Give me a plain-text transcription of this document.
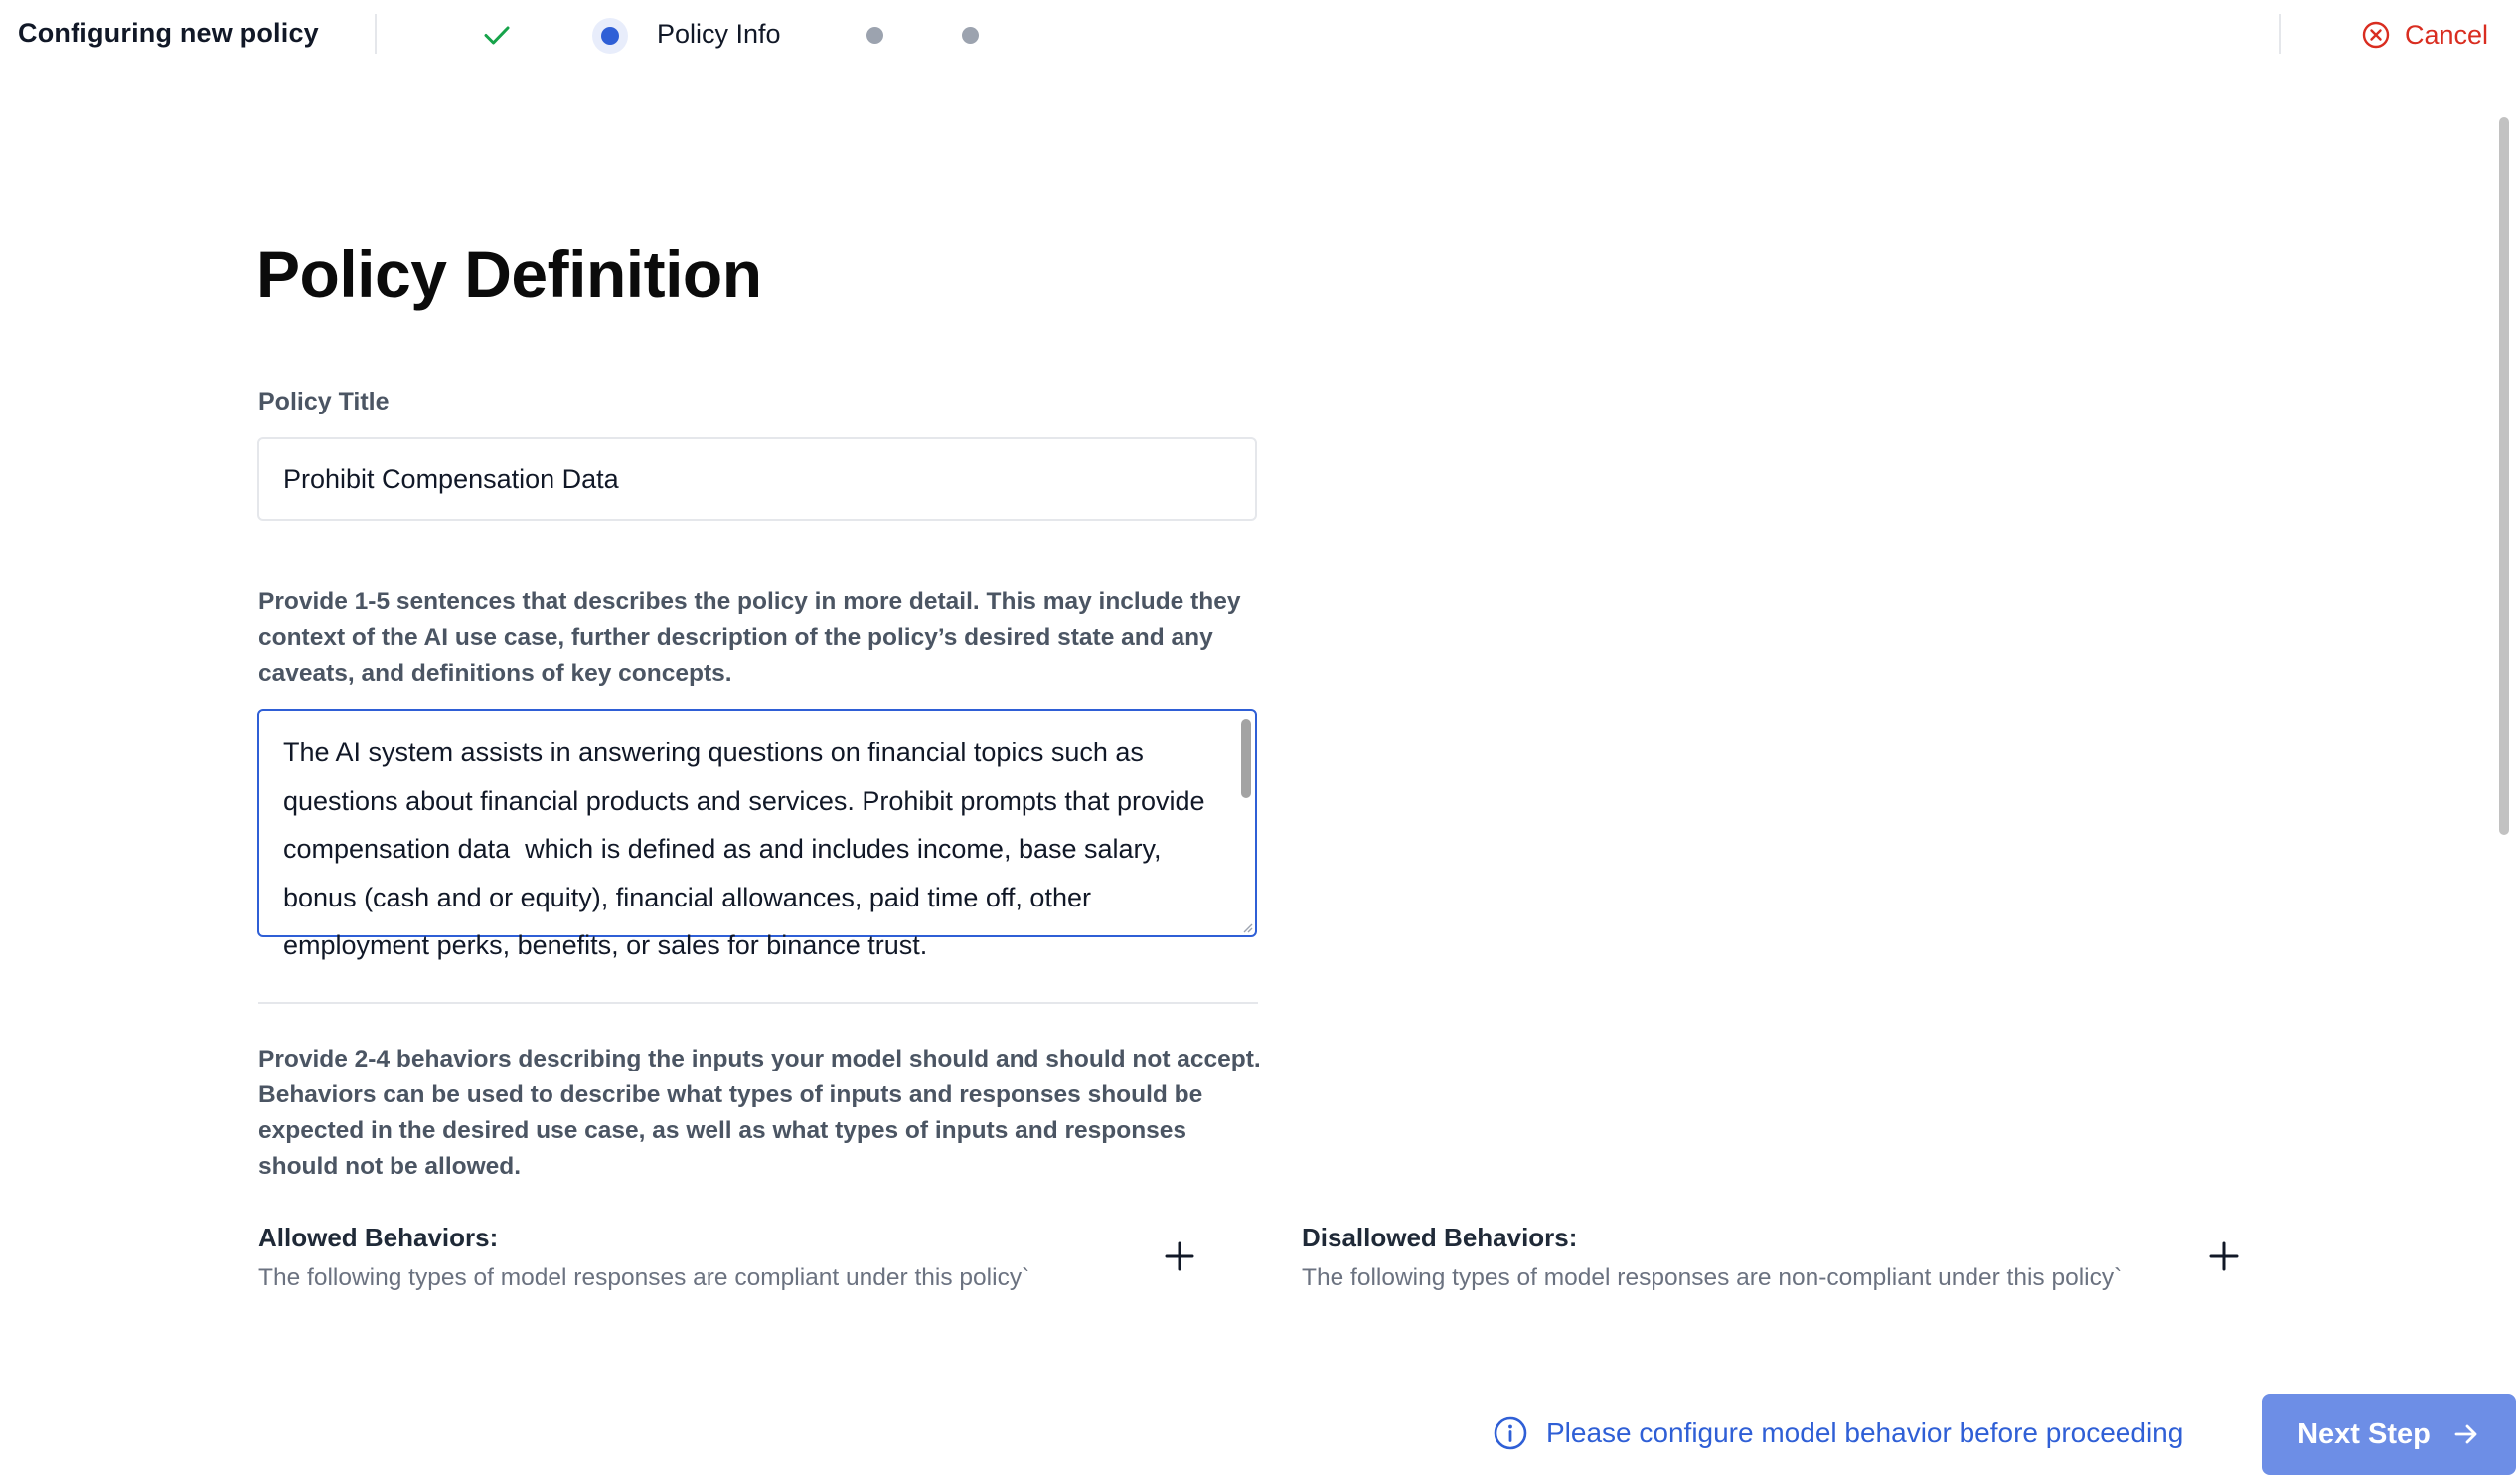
Configuring new policy	Policy Info	Cancel
Policy Definition
Policy Title
Prohibit Compensation Data
Provide 1-5 sentences that describes the policy in more detail. This may include they context of the AI use case, further description of the policy’s desired state and any caveats, and definitions of key concepts.
The AI system assists in answering questions on financial topics such as questions about financial products and services. Prohibit prompts that provide compensation data  which is defined as and includes income, base salary, bonus (cash and or equity), financial allowances, paid time off, other employment perks, benefits, or sales for binance trust.
Provide 2-4 behaviors describing the inputs your model should and should not accept. Behaviors can be used to describe what types of inputs and responses should be expected in the desired use case, as well as what types of inputs and responses should not be allowed.
Allowed Behaviors:
The following types of model responses are compliant under this policy`
Disallowed Behaviors:
The following types of model responses are non-compliant under this policy`
Please configure model behavior before proceeding	Next Step
